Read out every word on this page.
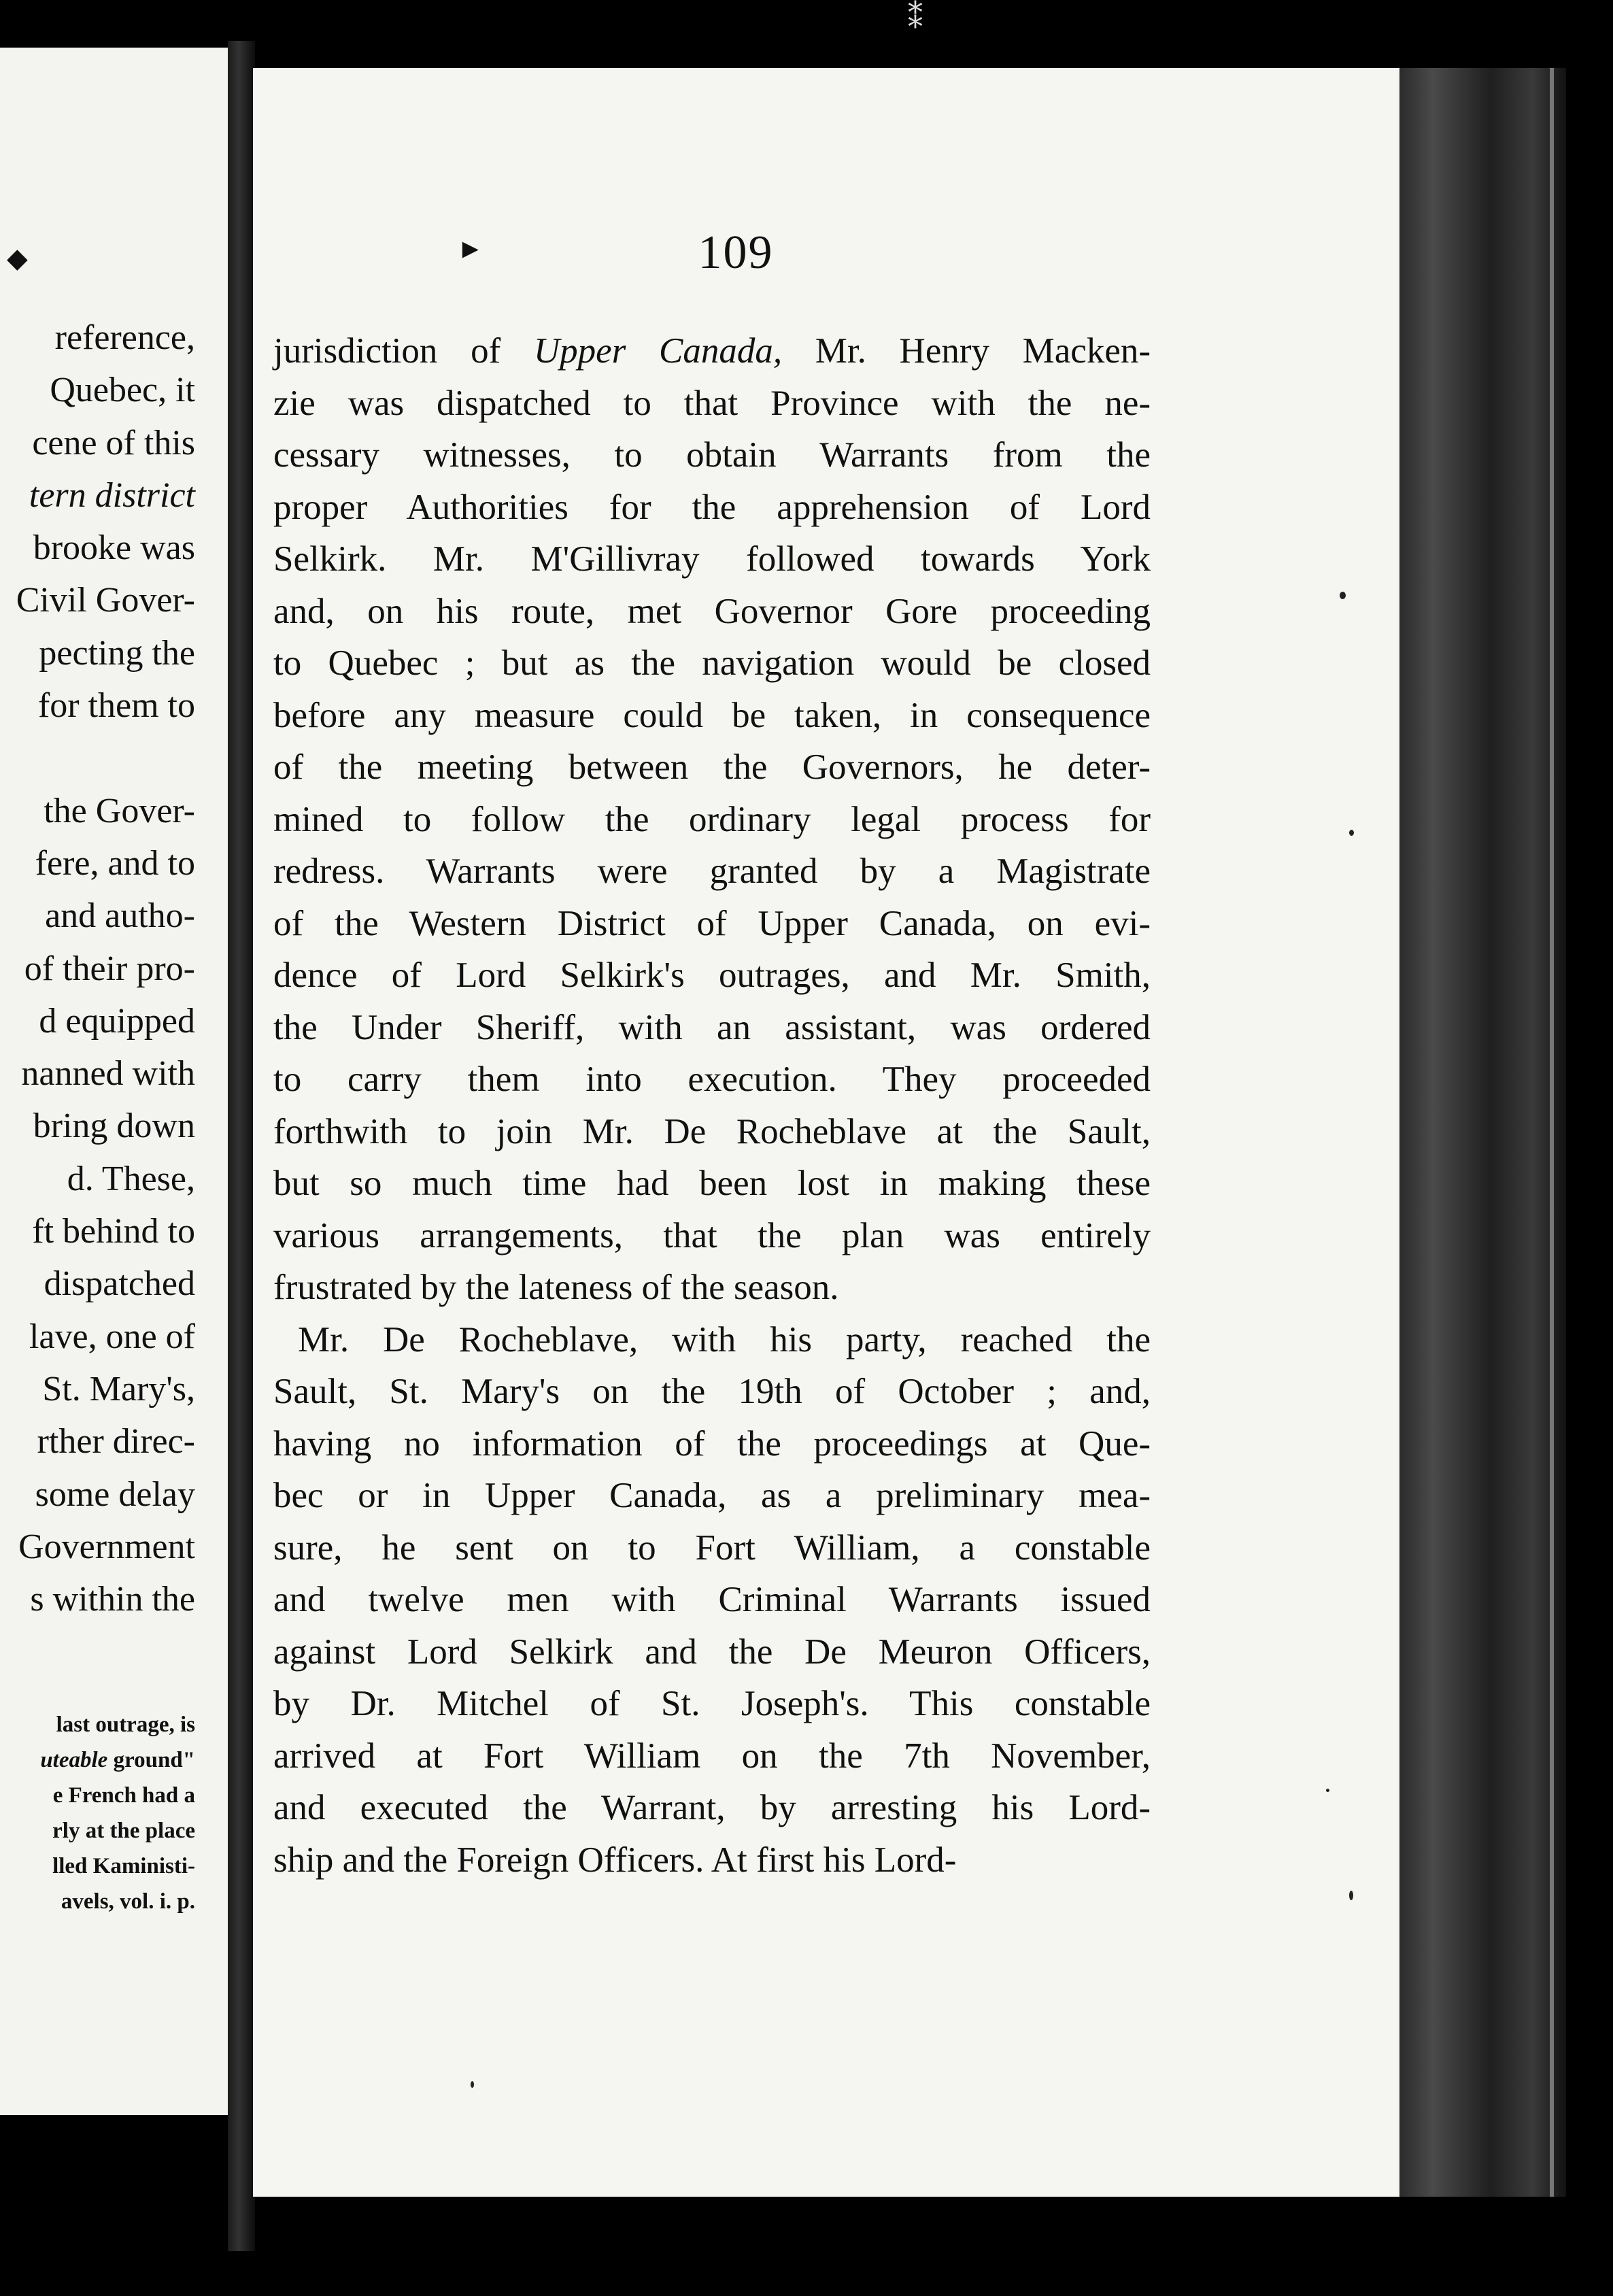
⁑
◆
reference,
Quebec, it
cene of this
tern district
brooke was
Civil Gover-
pecting the
for them to
the Gover-
fere, and to
and autho-
of their pro-
d equipped
nanned with
bring down
d. These,
ft behind to
dispatched
lave, one of
St. Mary's,
rther direc-
some delay
Government
s within the
last outrage, is
uteable ground"
e French had a
rly at the place
lled Kaministi-
avels, vol. i. p.
►	109
jurisdiction of Upper Canada, Mr. Henry Macken-
zie was dispatched to that Province with the ne-
cessary witnesses, to obtain Warrants from the
proper Authorities for the apprehension of Lord
Selkirk. Mr. M'Gillivray followed towards York
and, on his route, met Governor Gore proceeding
to Quebec ; but as the navigation would be closed
before any measure could be taken, in consequence
of the meeting between the Governors, he deter-
mined to follow the ordinary legal process for
redress. Warrants were granted by a Magistrate
of the Western District of Upper Canada, on evi-
dence of Lord Selkirk's outrages, and Mr. Smith,
the Under Sheriff, with an assistant, was ordered
to carry them into execution. They proceeded
forthwith to join Mr. De Rocheblave at the Sault,
but so much time had been lost in making these
various arrangements, that the plan was entirely
frustrated by the lateness of the season.
Mr. De Rocheblave, with his party, reached the
Sault, St. Mary's on the 19th of October ; and,
having no information of the proceedings at Que-
bec or in Upper Canada, as a preliminary mea-
sure, he sent on to Fort William, a constable
and twelve men with Criminal Warrants issued
against Lord Selkirk and the De Meuron Officers,
by Dr. Mitchel of St. Joseph's. This constable
arrived at Fort William on the 7th November,
and executed the Warrant, by arresting his Lord-
ship and the Foreign Officers. At first his Lord-
